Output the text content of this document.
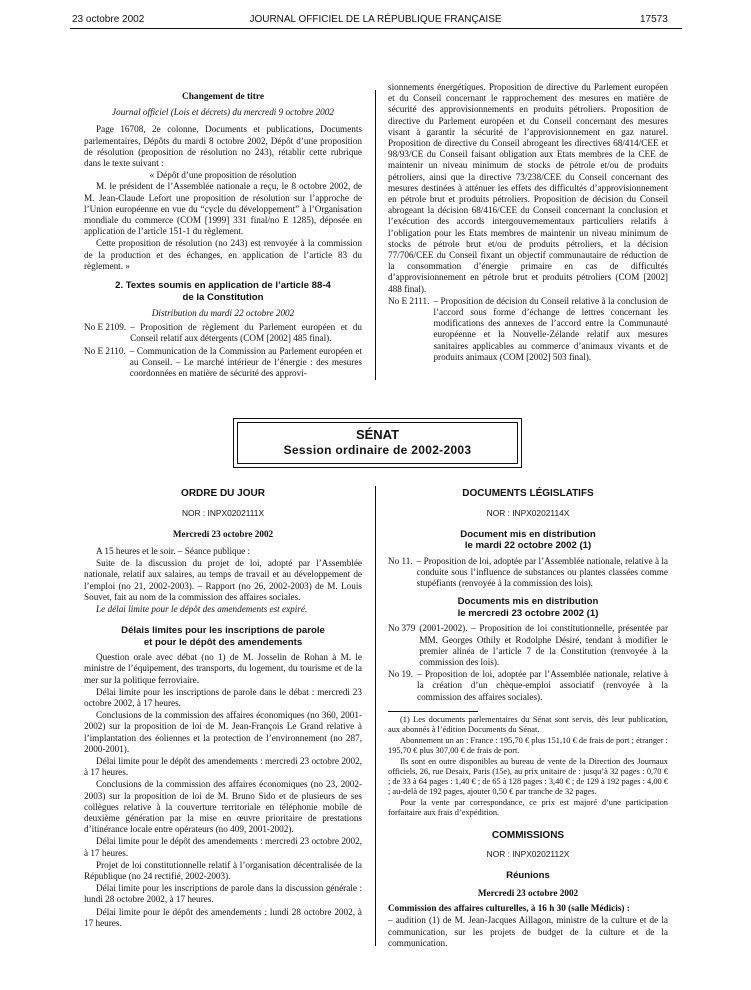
23 octobre 2002	JOURNAL OFFICIEL DE LA RÉPUBLIQUE FRANÇAISE	17573
Changement de titre
Journal officiel (Lois et décrets) du mercredi 9 octobre 2002

Page 16708, 2e colonne, Documents et publications, Documents parlementaires, Dépôts du mardi 8 octobre 2002, Dépôt d’une proposition de résolution (proposition de résolution no 243), rétablir cette rubrique dans le texte suivant :

« Dépôt d’une proposition de résolution

M. le président de l’Assemblée nationale a reçu, le 8 octobre 2002, de M. Jean-Claude Lefort une proposition de résolution sur l’approche de l’Union européenne en vue du “cycle du développement” à l’Organisation mondiale du commerce (COM [1999] 331 final/no E 1285), déposée en application de l’article 151-1 du règlement.

Cette proposition de résolution (no 243) est renvoyée à la commission de la production et des échanges, en application de l’article 83 du règlement. »

2. Textes soumis en application de l’article 88-4
de la Constitution
Distribution du mardi 22 octobre 2002
No E 2109. – Proposition de règlement du Parlement européen et du Conseil relatif aux détergents (COM [2002] 485 final).
No E 2110. – Communication de la Commission au Parlement européen et au Conseil. – Le marché intérieur de l’énergie : des mesures coordonnées en matière de sécurité des approvi-

sionnements énergétiques. Proposition de directive du Parlement européen et du Conseil concernant le rapprochement des mesures en matière de sécurité des approvisionnements en produits pétroliers. Proposition de directive du Parlement européen et du Conseil concernant des mesures visant à garantir la sécurité de l’approvisionnement en gaz naturel. Proposition de directive du Conseil abrogeant les directives 68/414/CEE et 98/93/CE du Conseil faisant obligation aux Etats membres de la CEE de maintenir un niveau minimum de stocks de pétrole et/ou de produits pétroliers, ainsi que la directive 73/238/CEE du Conseil concernant des mesures destinées à atténuer les effets des difficultés d’approvisionnement en pétrole brut et produits pétroliers. Proposition de décision du Conseil abrogeant la décision 68/416/CEE du Conseil concernant la conclusion et l’exécution des accords intergouvernementaux particuliers relatifs à l’obligation pour les Etats membres de maintenir un niveau minimum de stocks de pétrole brut et/ou de produits pétroliers, et la décision 77/706/CEE du Conseil fixant un objectif communautaire de réduction de la consommation d’énergie primaire en cas de difficultés d’approvisionnement en pétrole brut et produits pétroliers (COM [2002] 488 final).

No E 2111. – Proposition de décision du Conseil relative à la conclusion de l’accord sous forme d’échange de lettres concernant les modifications des annexes de l’accord entre la Communauté européenne et la Nouvelle-Zélande relatif aux mesures sanitaires applicables au commerce d’animaux vivants et de produits animaux (COM [2002] 503 final).
SÉNAT
Session ordinaire de 2002-2003
ORDRE DU JOUR
NOR : INPX0202111X
Mercredi 23 octobre 2002

A 15 heures et le soir. – Séance publique :

Suite de la discussion du projet de loi, adopté par l’Assemblée nationale, relatif aux salaires, au temps de travail et au développement de l’emploi (no 21, 2002-2003). – Rapport (no 26, 2002-2003) de M. Louis Souvet, fait au nom de la commission des affaires sociales.

Le délai limite pour le dépôt des amendements est expiré.

Délais limites pour les inscriptions de parole
et pour le dépôt des amendements

Question orale avec débat (no 1) de M. Josselin de Rohan à M. le ministre de l’équipement, des transports, du logement, du tourisme et de la mer sur la politique ferroviaire.

Délai limite pour les inscriptions de parole dans le débat : mercredi 23 octobre 2002, à 17 heures.

Conclusions de la commission des affaires économiques (no 360, 2001-2002) sur la proposition de loi de M. Jean-François Le Grand relative à l’implantation des éoliennes et la protection de l’environnement (no 287, 2000-2001).

Délai limite pour le dépôt des amendements : mercredi 23 octobre 2002, à 17 heures.

Conclusions de la commission des affaires économiques (no 23, 2002-2003) sur la proposition de loi de M. Bruno Sido et de plusieurs de ses collègues relative à la couverture territoriale en téléphonie mobile de deuxième génération par la mise en œuvre prioritaire de prestations d’itinérance locale entre opérateurs (no 409, 2001-2002).

Délai limite pour le dépôt des amendements : mercredi 23 octobre 2002, à 17 heures.

Projet de loi constitutionnelle relatif à l’organisation décentralisée de la République (no 24 rectifié, 2002-2003).

Délai limite pour les inscriptions de parole dans la discussion générale : lundi 28 octobre 2002, à 17 heures.

Délai limite pour le dépôt des amendements : lundi 28 octobre 2002, à 17 heures.

DOCUMENTS LÉGISLATIFS
NOR : INPX0202114X
Document mis en distribution
le mardi 22 octobre 2002 (1)
No 11. – Proposition de loi, adoptée par l’Assemblée nationale, relative à la conduite sous l’influence de substances ou plantes classées comme stupéfiants (renvoyée à la commission des lois).
Documents mis en distribution
le mercredi 23 octobre 2002 (1)
No 379 (2001-2002). – Proposition de loi constitutionnelle, présentée par MM. Georges Othily et Rodolphe Désiré, tendant à modifier le premier alinéa de l’article 7 de la Constitution (renvoyée à la commission des lois).
No 19. – Proposition de loi, adoptée par l’Assemblée nationale, relative à la création d’un chèque-emploi associatif (renvoyée à la commission des affaires sociales).

(1) Les documents parlementaires du Sénat sont servis, dès leur publication, aux abonnés à l’édition Documents du Sénat.

Abonnement un an : France : 195,70 € plus 151,10 € de frais de port ; étranger : 195,70 € plus 307,00 € de frais de port.

Ils sont en outre disponibles au bureau de vente de la Direction des Journaux officiels, 26, rue Desaix, Paris (15e), au prix unitaire de : jusqu’à 32 pages : 0,70 € ; de 33 à 64 pages : 1,40 € ; de 65 à 128 pages : 3,40 € ; de 129 à 192 pages : 4,00 € ; au-delà de 192 pages, ajouter 0,50 € par tranche de 32 pages.

Pour la vente par correspondance, ce prix est majoré d’une participation forfaitaire aux frais d’expédition.

COMMISSIONS
NOR : INPX0202112X
Réunions
Mercredi 23 octobre 2002

Commission des affaires culturelles, à 16 h 30 (salle Médicis) :

– audition (1) de M. Jean-Jacques Aillagon, ministre de la culture et de la communication, sur les projets de budget de la culture et de la communication.
